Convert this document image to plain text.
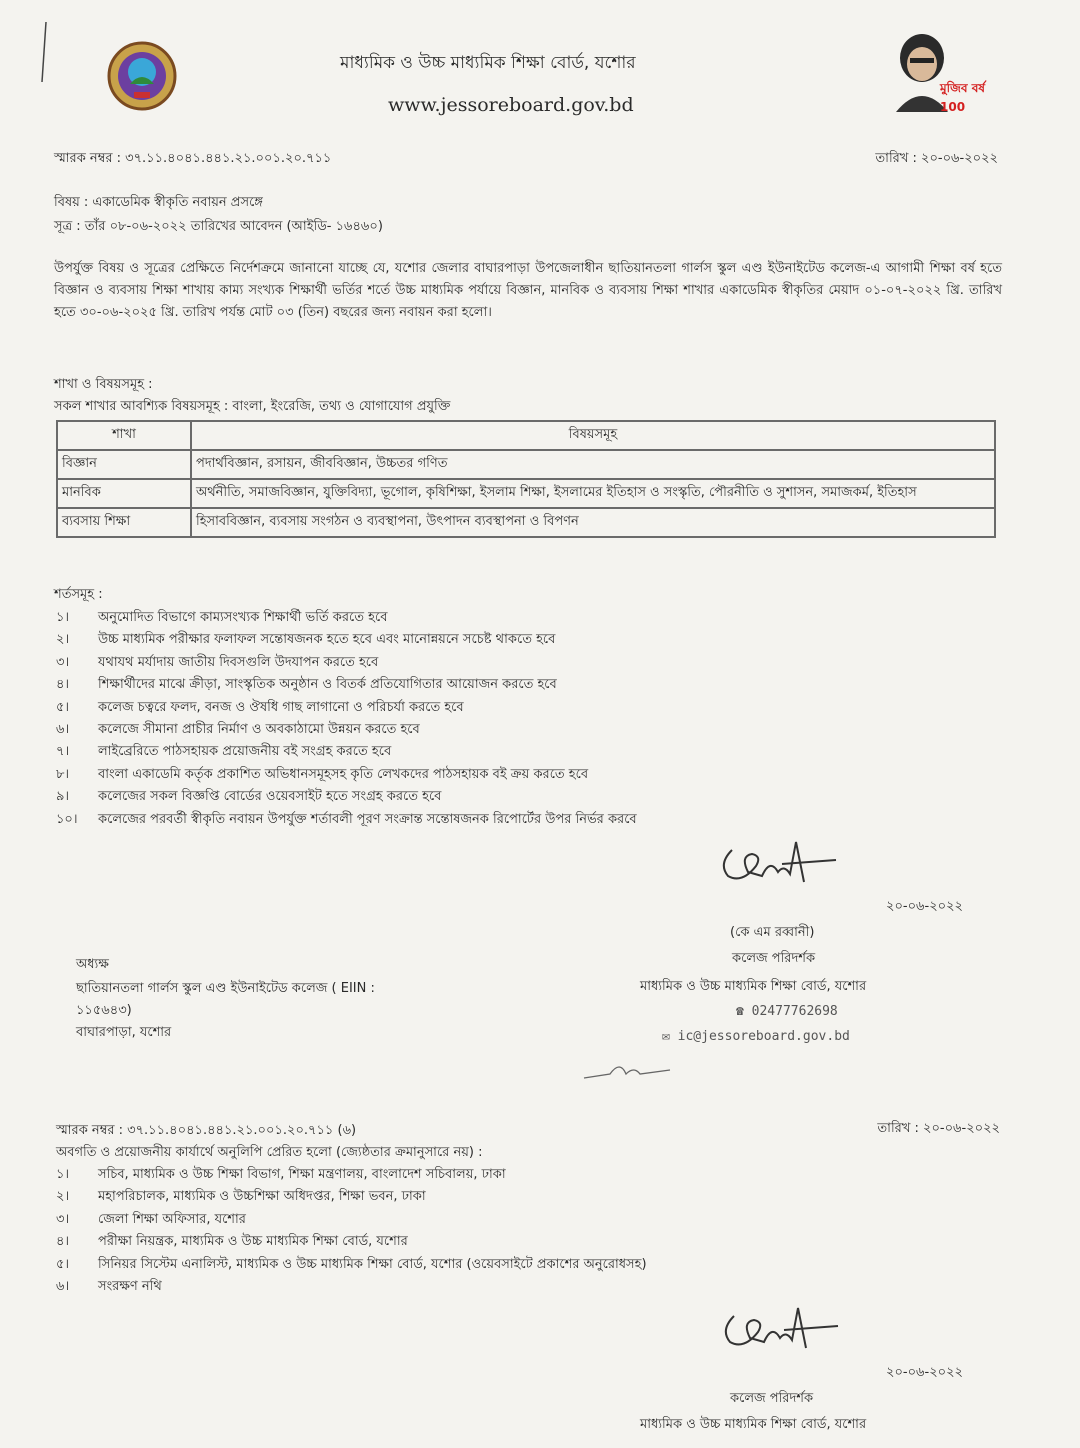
মুজিব বর্ষ 100
মাধ্যমিক ও উচ্চ মাধ্যমিক শিক্ষা বোর্ড, যশোর
www.jessoreboard.gov.bd
স্মারক নম্বর : ৩৭.১১.৪০৪১.৪৪১.২১.০০১.২০.৭১১	তারিখ : ২০-০৬-২০২২
বিষয় : একাডেমিক স্বীকৃতি নবায়ন প্রসঙ্গে
সূত্র : তাঁর ০৮-০৬-২০২২ তারিখের আবেদন (আইডি- ১৬৪৬০)
উপর্যুক্ত বিষয় ও সূত্রের প্রেক্ষিতে নির্দেশক্রমে জানানো যাচ্ছে যে, যশোর জেলার বাঘারপাড়া উপজেলাধীন ছাতিয়ানতলা গার্লস স্কুল এণ্ড ইউনাইটেড কলেজ-এ আগামী শিক্ষা বর্ষ হতে বিজ্ঞান ও ব্যবসায় শিক্ষা শাখায় কাম্য সংখ্যক শিক্ষার্থী ভর্তির শর্তে উচ্চ মাধ্যমিক পর্যায়ে বিজ্ঞান, মানবিক ও ব্যবসায় শিক্ষা শাখার একাডেমিক স্বীকৃতির মেয়াদ ০১-০৭-২০২২ খ্রি. তারিখ হতে ৩০-০৬-২০২৫ খ্রি. তারিখ পর্যন্ত মোট ০৩ (তিন) বছরের জন্য নবায়ন করা হলো।
শাখা ও বিষয়সমূহ :
সকল শাখার আবশ্যিক বিষয়সমূহ : বাংলা, ইংরেজি, তথ্য ও যোগাযোগ প্রযুক্তি
শাখা	বিষয়সমূহ
বিজ্ঞান	পদার্থবিজ্ঞান, রসায়ন, জীববিজ্ঞান, উচ্চতর গণিত
মানবিক	অর্থনীতি, সমাজবিজ্ঞান, যুক্তিবিদ্যা, ভূগোল, কৃষিশিক্ষা, ইসলাম শিক্ষা, ইসলামের ইতিহাস ও সংস্কৃতি, পৌরনীতি ও সুশাসন, সমাজকর্ম, ইতিহাস
ব্যবসায় শিক্ষা	হিসাববিজ্ঞান, ব্যবসায় সংগঠন ও ব্যবস্থাপনা, উৎপাদন ব্যবস্থাপনা ও বিপণন
শর্তসমূহ :
১।	অনুমোদিত বিভাগে কাম্যসংখ্যক শিক্ষার্থী ভর্তি করতে হবে
২।	উচ্চ মাধ্যমিক পরীক্ষার ফলাফল সন্তোষজনক হতে হবে এবং মানোন্নয়নে সচেষ্ট থাকতে হবে
৩।	যথাযথ মর্যাদায় জাতীয় দিবসগুলি উদযাপন করতে হবে
৪।	শিক্ষার্থীদের মাঝে ক্রীড়া, সাংস্কৃতিক অনুষ্ঠান ও বিতর্ক প্রতিযোগিতার আয়োজন করতে হবে
৫।	কলেজ চত্বরে ফলদ, বনজ ও ঔষধি গাছ লাগানো ও পরিচর্যা করতে হবে
৬।	কলেজে সীমানা প্রাচীর নির্মাণ ও অবকাঠামো উন্নয়ন করতে হবে
৭।	লাইব্রেরিতে পাঠসহায়ক প্রয়োজনীয় বই সংগ্রহ করতে হবে
৮।	বাংলা একাডেমি কর্তৃক প্রকাশিত অভিধানসমূহসহ কৃতি লেখকদের পাঠসহায়ক বই ক্রয় করতে হবে
৯।	কলেজের সকল বিজ্ঞপ্তি বোর্ডের ওয়েবসাইট হতে সংগ্রহ করতে হবে
১০।	কলেজের পরবর্তী স্বীকৃতি নবায়ন উপর্যুক্ত শর্তাবলী পূরণ সংক্রান্ত সন্তোষজনক রিপোর্টের উপর নির্ভর করবে
২০-০৬-২০২২
(কে এম রব্বানী)
কলেজ পরিদর্শক
মাধ্যমিক ও উচ্চ মাধ্যমিক শিক্ষা বোর্ড, যশোর
☎ 02477762698
✉ ic@jessoreboard.gov.bd
অধ্যক্ষ
ছাতিয়ানতলা গার্লস স্কুল এণ্ড ইউনাইটেড কলেজ ( EIIN :
১১৫৬৪৩)
বাঘারপাড়া, যশোর
স্মারক নম্বর : ৩৭.১১.৪০৪১.৪৪১.২১.০০১.২০.৭১১ (৬)	তারিখ : ২০-০৬-২০২২
অবগতি ও প্রয়োজনীয় কার্যার্থে অনুলিপি প্রেরিত হলো (জ্যেষ্ঠতার ক্রমানুসারে নয়) :
১।	সচিব, মাধ্যমিক ও উচ্চ শিক্ষা বিভাগ, শিক্ষা মন্ত্রণালয়, বাংলাদেশ সচিবালয়, ঢাকা
২।	মহাপরিচালক, মাধ্যমিক ও উচ্চশিক্ষা অধিদপ্তর, শিক্ষা ভবন, ঢাকা
৩।	জেলা শিক্ষা অফিসার, যশোর
৪।	পরীক্ষা নিয়ন্ত্রক, মাধ্যমিক ও উচ্চ মাধ্যমিক শিক্ষা বোর্ড, যশোর
৫।	সিনিয়র সিস্টেম এনালিস্ট, মাধ্যমিক ও উচ্চ মাধ্যমিক শিক্ষা বোর্ড, যশোর (ওয়েবসাইটে প্রকাশের অনুরোধসহ)
৬।	সংরক্ষণ নথি
২০-০৬-২০২২
কলেজ পরিদর্শক
মাধ্যমিক ও উচ্চ মাধ্যমিক শিক্ষা বোর্ড, যশোর
